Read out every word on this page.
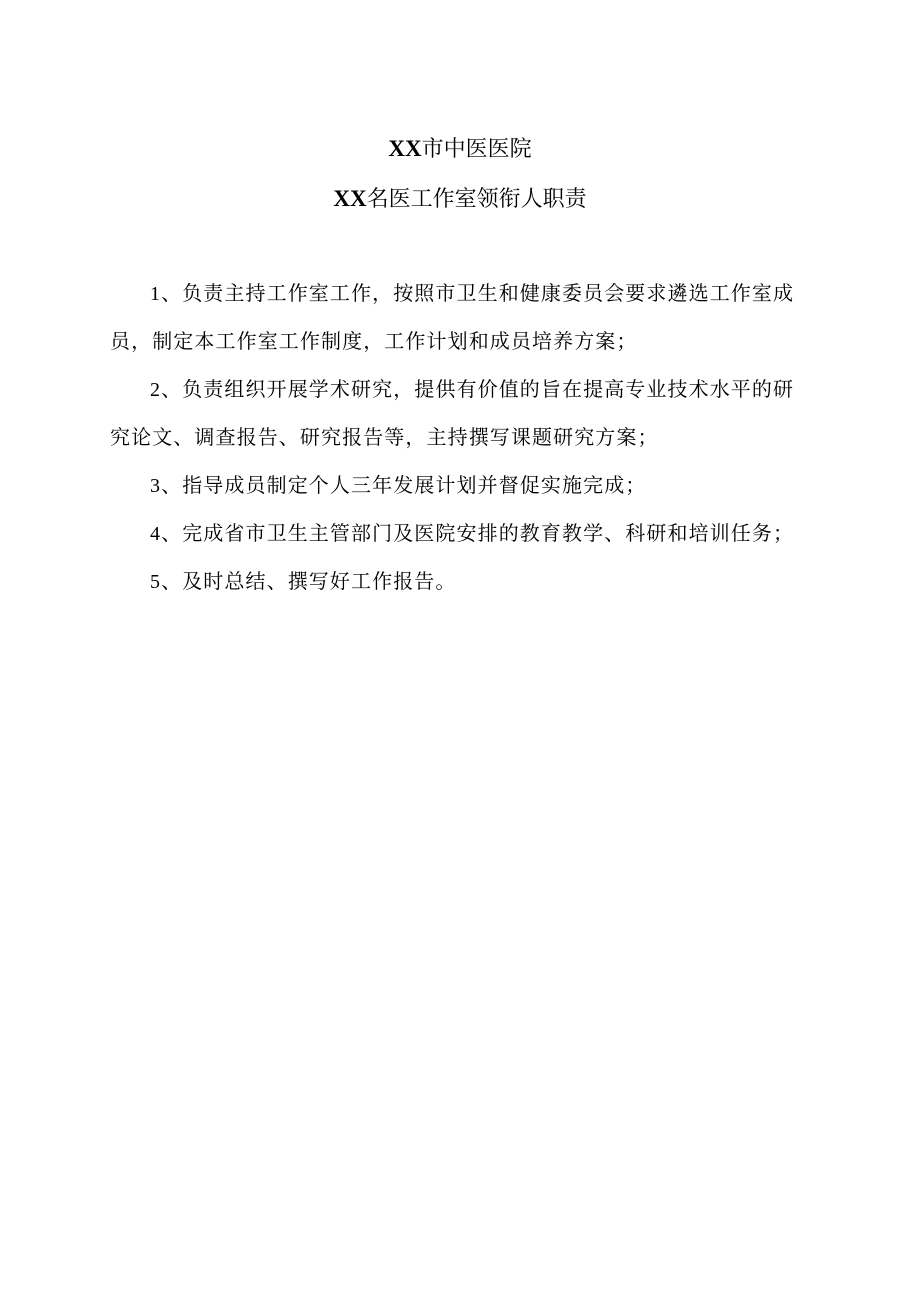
XX市中医医院
XX名医工作室领衔人职责
1、负责主持工作室工作，按照市卫生和健康委员会要求遴选工作室成
员，制定本工作室工作制度，工作计划和成员培养方案；
2、负责组织开展学术研究，提供有价值的旨在提高专业技术水平的研
究论文、调查报告、研究报告等，主持撰写课题研究方案；
3、指导成员制定个人三年发展计划并督促实施完成；
4、完成省市卫生主管部门及医院安排的教育教学、科研和培训任务；
5、及时总结、撰写好工作报告。
